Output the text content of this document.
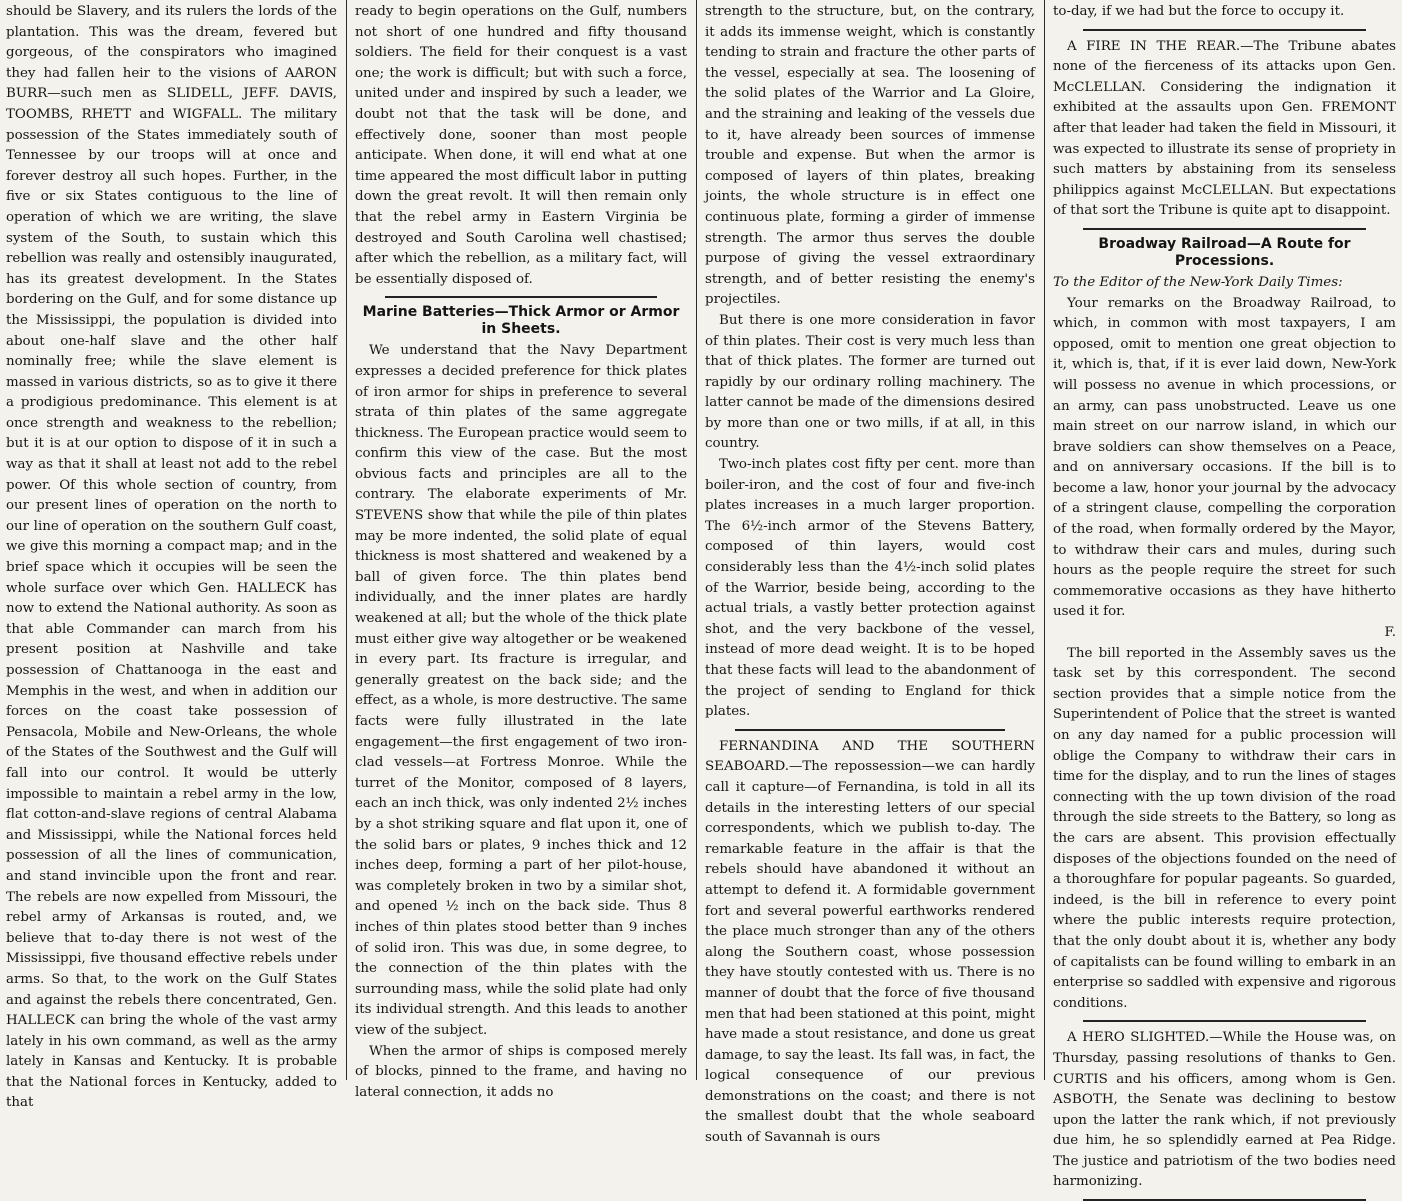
should be Slavery, and its rulers the lords of the plantation. This was the dream, fevered but gorgeous, of the conspirators who imagined they had fallen heir to the visions of AARON BURR—such men as SLIDELL, JEFF. DAVIS, TOOMBS, RHETT and WIGFALL. The military possession of the States immediately south of Tennessee by our troops will at once and forever destroy all such hopes. Further, in the five or six States contiguous to the line of operation of which we are writing, the slave system of the South, to sustain which this rebellion was really and ostensibly inaugurated, has its greatest development. In the States bordering on the Gulf, and for some distance up the Mississippi, the population is divided into about one-half slave and the other half nominally free; while the slave element is massed in various districts, so as to give it there a prodigious predominance. This element is at once strength and weakness to the rebellion; but it is at our option to dispose of it in such a way as that it shall at least not add to the rebel power. Of this whole section of country, from our present lines of operation on the north to our line of operation on the southern Gulf coast, we give this morning a compact map; and in the brief space which it occupies will be seen the whole surface over which Gen. HALLECK has now to extend the National authority. As soon as that able Commander can march from his present position at Nashville and take possession of Chattanooga in the east and Memphis in the west, and when in addition our forces on the coast take possession of Pensacola, Mobile and New-Orleans, the whole of the States of the Southwest and the Gulf will fall into our control. It would be utterly impossible to maintain a rebel army in the low, flat cotton-and-slave regions of central Alabama and Mississippi, while the National forces held possession of all the lines of communication, and stand invincible upon the front and rear. The rebels are now expelled from Missouri, the rebel army of Arkansas is routed, and, we believe that to-day there is not west of the Mississippi, five thousand effective rebels under arms. So that, to the work on the Gulf States and against the rebels there concentrated, Gen. HALLECK can bring the whole of the vast army lately in his own command, as well as the army lately in Kansas and Kentucky. It is probable that the National forces in Kentucky, added to that

ready to begin operations on the Gulf, numbers not short of one hundred and fifty thousand soldiers. The field for their conquest is a vast one; the work is difficult; but with such a force, united under and inspired by such a leader, we doubt not that the task will be done, and effectively done, sooner than most people anticipate. When done, it will end what at one time appeared the most difficult labor in putting down the great revolt. It will then remain only that the rebel army in Eastern Virginia be destroyed and South Carolina well chastised; after which the rebellion, as a military fact, will be essentially disposed of.

Marine Batteries—Thick Armor or Armor in Sheets.

We understand that the Navy Department expresses a decided preference for thick plates of iron armor for ships in preference to several strata of thin plates of the same aggregate thickness. The European practice would seem to confirm this view of the case. But the most obvious facts and principles are all to the contrary. The elaborate experiments of Mr. STEVENS show that while the pile of thin plates may be more indented, the solid plate of equal thickness is most shattered and weakened by a ball of given force. The thin plates bend individually, and the inner plates are hardly weakened at all; but the whole of the thick plate must either give way altogether or be weakened in every part. Its fracture is irregular, and generally greatest on the back side; and the effect, as a whole, is more destructive. The same facts were fully illustrated in the late engagement—the first engagement of two iron-clad vessels—at Fortress Monroe. While the turret of the Monitor, composed of 8 layers, each an inch thick, was only indented 2½ inches by a shot striking square and flat upon it, one of the solid bars or plates, 9 inches thick and 12 inches deep, forming a part of her pilot-house, was completely broken in two by a similar shot, and opened ½ inch on the back side. Thus 8 inches of thin plates stood better than 9 inches of solid iron. This was due, in some degree, to the connection of the thin plates with the surrounding mass, while the solid plate had only its individual strength. And this leads to another view of the subject.

When the armor of ships is composed merely of blocks, pinned to the frame, and having no lateral connection, it adds no

strength to the structure, but, on the contrary, it adds its immense weight, which is constantly tending to strain and fracture the other parts of the vessel, especially at sea. The loosening of the solid plates of the Warrior and La Gloire, and the straining and leaking of the vessels due to it, have already been sources of immense trouble and expense. But when the armor is composed of layers of thin plates, breaking joints, the whole structure is in effect one continuous plate, forming a girder of immense strength. The armor thus serves the double purpose of giving the vessel extraordinary strength, and of better resisting the enemy's projectiles.

But there is one more consideration in favor of thin plates. Their cost is very much less than that of thick plates. The former are turned out rapidly by our ordinary rolling machinery. The latter cannot be made of the dimensions desired by more than one or two mills, if at all, in this country.

Two-inch plates cost fifty per cent. more than boiler-iron, and the cost of four and five-inch plates increases in a much larger proportion. The 6½-inch armor of the Stevens Battery, composed of thin layers, would cost considerably less than the 4½-inch solid plates of the Warrior, beside being, according to the actual trials, a vastly better protection against shot, and the very backbone of the vessel, instead of more dead weight. It is to be hoped that these facts will lead to the abandonment of the project of sending to England for thick plates.

FERNANDINA AND THE SOUTHERN SEABOARD.—The repossession—we can hardly call it capture—of Fernandina, is told in all its details in the interesting letters of our special correspondents, which we publish to-day. The remarkable feature in the affair is that the rebels should have abandoned it without an attempt to defend it. A formidable government fort and several powerful earthworks rendered the place much stronger than any of the others along the Southern coast, whose possession they have stoutly contested with us. There is no manner of doubt that the force of five thousand men that had been stationed at this point, might have made a stout resistance, and done us great damage, to say the least. Its fall was, in fact, the logical consequence of our previous demonstrations on the coast; and there is not the smallest doubt that the whole seaboard south of Savannah is ours

to-day, if we had but the force to occupy it.

A FIRE IN THE REAR.—The Tribune abates none of the fierceness of its attacks upon Gen. McCLELLAN. Considering the indignation it exhibited at the assaults upon Gen. FREMONT after that leader had taken the field in Missouri, it was expected to illustrate its sense of propriety in such matters by abstaining from its senseless philippics against McCLELLAN. But expectations of that sort the Tribune is quite apt to disappoint.

Broadway Railroad—A Route for Processions.

To the Editor of the New-York Daily Times:

Your remarks on the Broadway Railroad, to which, in common with most taxpayers, I am opposed, omit to mention one great objection to it, which is, that, if it is ever laid down, New-York will possess no avenue in which processions, or an army, can pass unobstructed. Leave us one main street on our narrow island, in which our brave soldiers can show themselves on a Peace, and on anniversary occasions. If the bill is to become a law, honor your journal by the advocacy of a stringent clause, compelling the corporation of the road, when formally ordered by the Mayor, to withdraw their cars and mules, during such hours as the people require the street for such commemorative occasions as they have hitherto used it for.

F.

The bill reported in the Assembly saves us the task set by this correspondent. The second section provides that a simple notice from the Superintendent of Police that the street is wanted on any day named for a public procession will oblige the Company to withdraw their cars in time for the display, and to run the lines of stages connecting with the up town division of the road through the side streets to the Battery, so long as the cars are absent. This provision effectually disposes of the objections founded on the need of a thoroughfare for popular pageants. So guarded, indeed, is the bill in reference to every point where the public interests require protection, that the only doubt about it is, whether any body of capitalists can be found willing to embark in an enterprise so saddled with expensive and rigorous conditions.

A HERO SLIGHTED.—While the House was, on Thursday, passing resolutions of thanks to Gen. CURTIS and his officers, among whom is Gen. ASBOTH, the Senate was declining to bestow upon the latter the rank which, if not previously due him, he so splendidly earned at Pea Ridge. The justice and patriotism of the two bodies need harmonizing.
